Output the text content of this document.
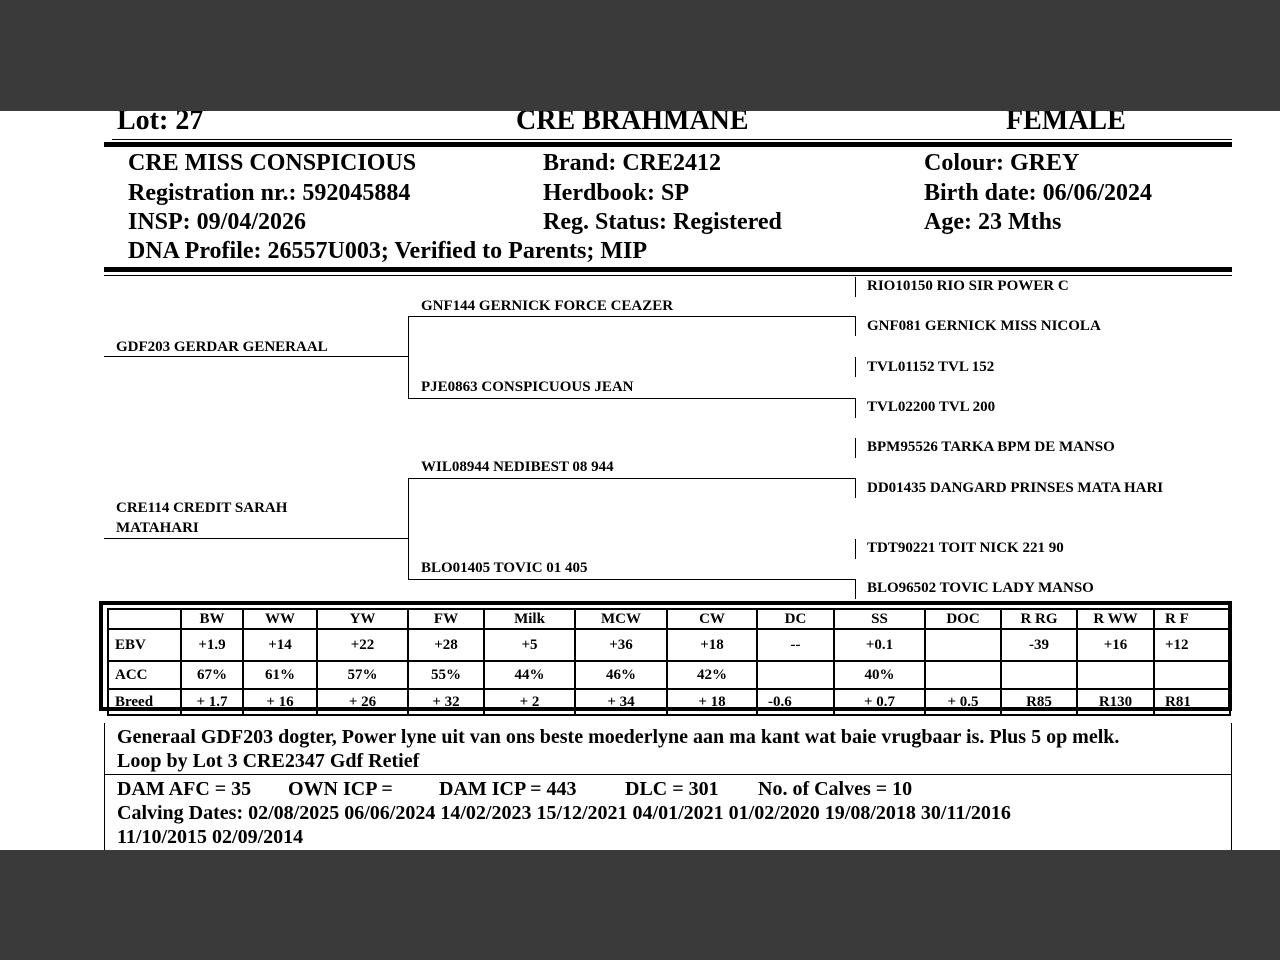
Lot: 27	CRE BRAHMANE	FEMALE
CRE MISS CONSPICIOUS	Brand: CRE2412	Colour: GREY
Registration nr.: 592045884	Herdbook: SP	Birth date: 06/06/2024
INSP: 09/04/2026	Reg. Status: Registered	Age: 23 Mths
DNA Profile: 26557U003; Verified to Parents; MIP
GDF203 GERDAR GENERAAL
GNF144 GERNICK FORCE CEAZER
PJE0863 CONSPICUOUS JEAN
CRE114 CREDIT SARAH
MATAHARI
WIL08944 NEDIBEST 08 944
BLO01405 TOVIC 01 405
RIO10150 RIO SIR POWER C
GNF081 GERNICK MISS NICOLA
TVL01152 TVL 152
TVL02200 TVL 200
BPM95526 TARKA BPM DE MANSO
DD01435 DANGARD PRINSES MATA HARI
TDT90221 TOIT NICK 221 90
BLO96502 TOVIC LADY MANSO
	BW	WW	YW	FW	Milk	MCW	CW	DC	SS	DOC	R RG	R WW	R F
EBV	+1.9	+14	+22	+28	+5	+36	+18	--	+0.1		-39	+16	+12
ACC	67%	61%	57%	55%	44%	46%	42%		40%				
Breed	+ 1.7	+ 16	+ 26	+ 32	+ 2	+ 34	+ 18	-0.6	+ 0.7	+ 0.5	R85	R130	R81
Generaal GDF203 dogter, Power lyne uit van ons beste moederlyne aan ma kant wat baie vrugbaar is. Plus 5 op melk.
Loop by Lot 3 CRE2347 Gdf Retief
DAM AFC = 35 OWN ICP = DAM ICP = 443 DLC = 301 No. of Calves = 10
Calving Dates: 02/08/2025 06/06/2024 14/02/2023 15/12/2021 04/01/2021 01/02/2020 19/08/2018 30/11/2016
11/10/2015 02/09/2014
